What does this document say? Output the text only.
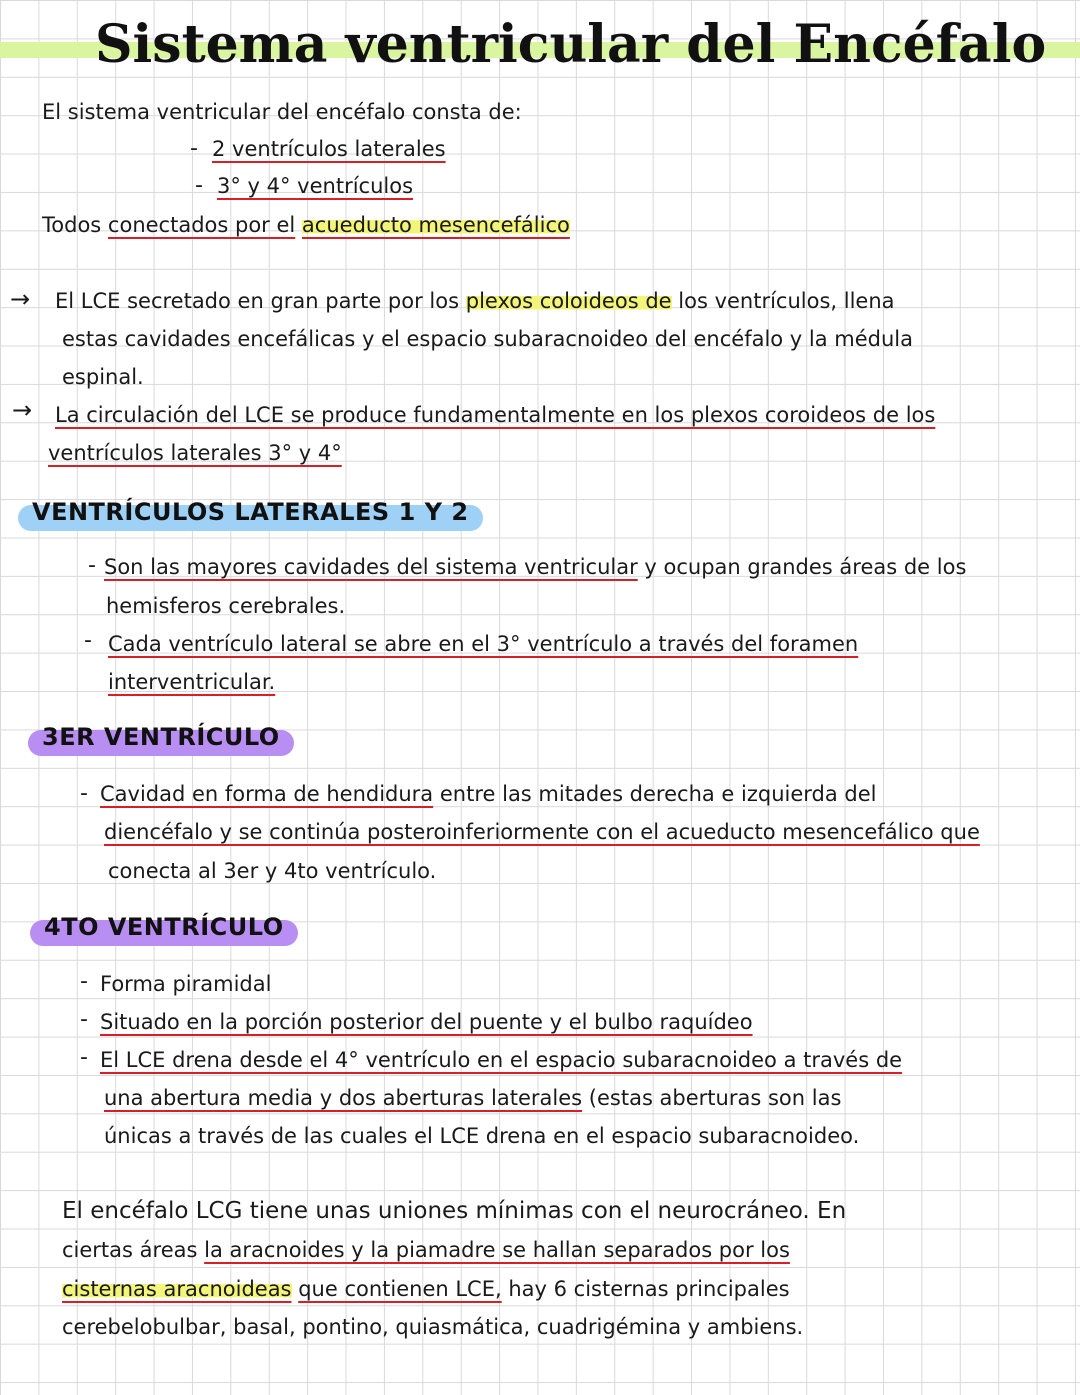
Sistema ventricular del Encéfalo
El sistema ventricular del encéfalo consta de:
- 2 ventrículos laterales
- 3° y 4° ventrículos
Todos conectados por el acueducto mesencefálico
→ El LCE secretado en gran parte por los plexos coloideos de los ventrículos, llena
estas cavidades encefálicas y el espacio subaracnoideo del encéfalo y la médula
espinal.
→ La circulación del LCE se produce fundamentalmente en los plexos coroideos de los
ventrículos laterales 3° y 4°
VENTRÍCULOS LATERALES 1 Y 2
- Son las mayores cavidades del sistema ventricular y ocupan grandes áreas de los
hemisferos cerebrales.
- Cada ventrículo lateral se abre en el 3° ventrículo a través del foramen
interventricular.
3ER VENTRÍCULO
- Cavidad en forma de hendidura entre las mitades derecha e izquierda del
diencéfalo y se continúa posteroinferiormente con el acueducto mesencefálico que
conecta al 3er y 4to ventrículo.
4TO VENTRÍCULO
- Forma piramidal
- Situado en la porción posterior del puente y el bulbo raquídeo
- El LCE drena desde el 4° ventrículo en el espacio subaracnoideo a través de
una abertura media y dos aberturas laterales (estas aberturas son las
únicas a través de las cuales el LCE drena en el espacio subaracnoideo.
El encéfalo LCG tiene unas uniones mínimas con el neurocráneo. En
ciertas áreas la aracnoides y la piamadre se hallan separados por los
cisternas aracnoideas que contienen LCE, hay 6 cisternas principales
cerebelobulbar, basal, pontino, quiasmática, cuadrigémina y ambiens.
